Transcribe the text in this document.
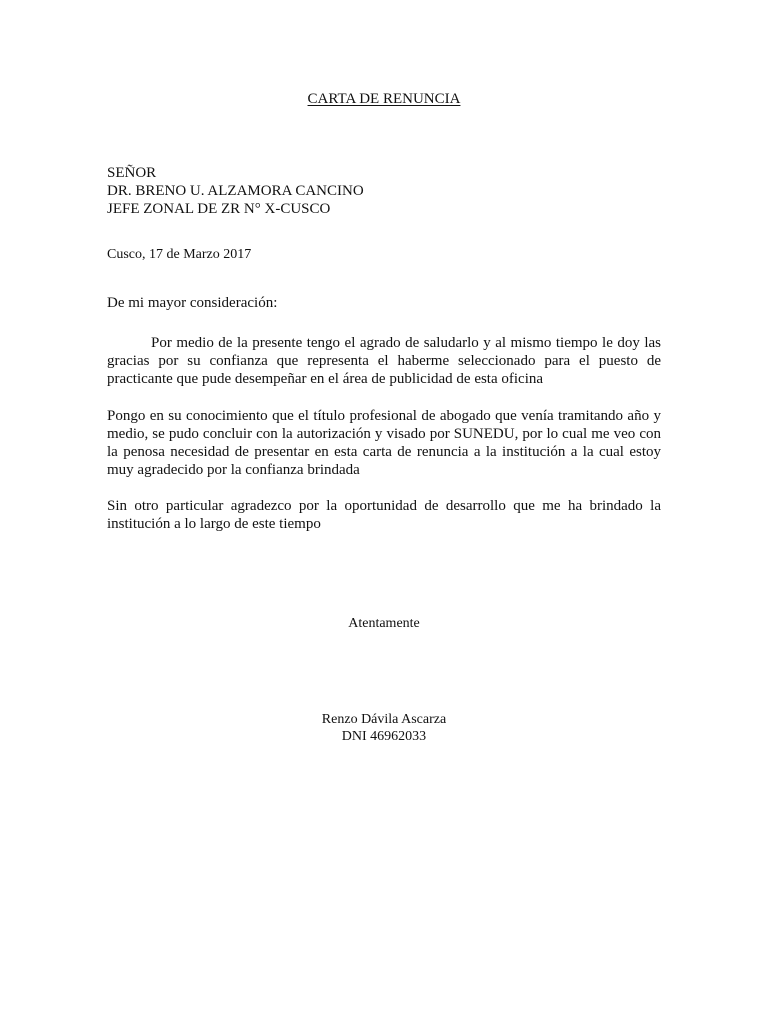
CARTA DE RENUNCIA
SEÑOR
DR. BRENO U. ALZAMORA CANCINO
JEFE ZONAL DE ZR N° X-CUSCO
Cusco, 17 de Marzo 2017
De mi mayor consideración:
Por medio de la presente tengo el agrado de saludarlo y al mismo tiempo le doy las gracias por su confianza que representa el haberme seleccionado para el puesto de practicante que pude desempeñar en el área de publicidad de esta oficina
Pongo en su conocimiento que el título profesional de abogado que venía tramitando año y medio, se pudo concluir con la autorización y visado por SUNEDU, por lo cual me veo con la penosa necesidad de presentar en esta carta de renuncia a la institución a la cual estoy muy agradecido por la confianza brindada
Sin otro particular agradezco por la oportunidad de desarrollo que me ha brindado la institución a lo largo de este tiempo
Atentamente
Renzo Dávila Ascarza
DNI 46962033
